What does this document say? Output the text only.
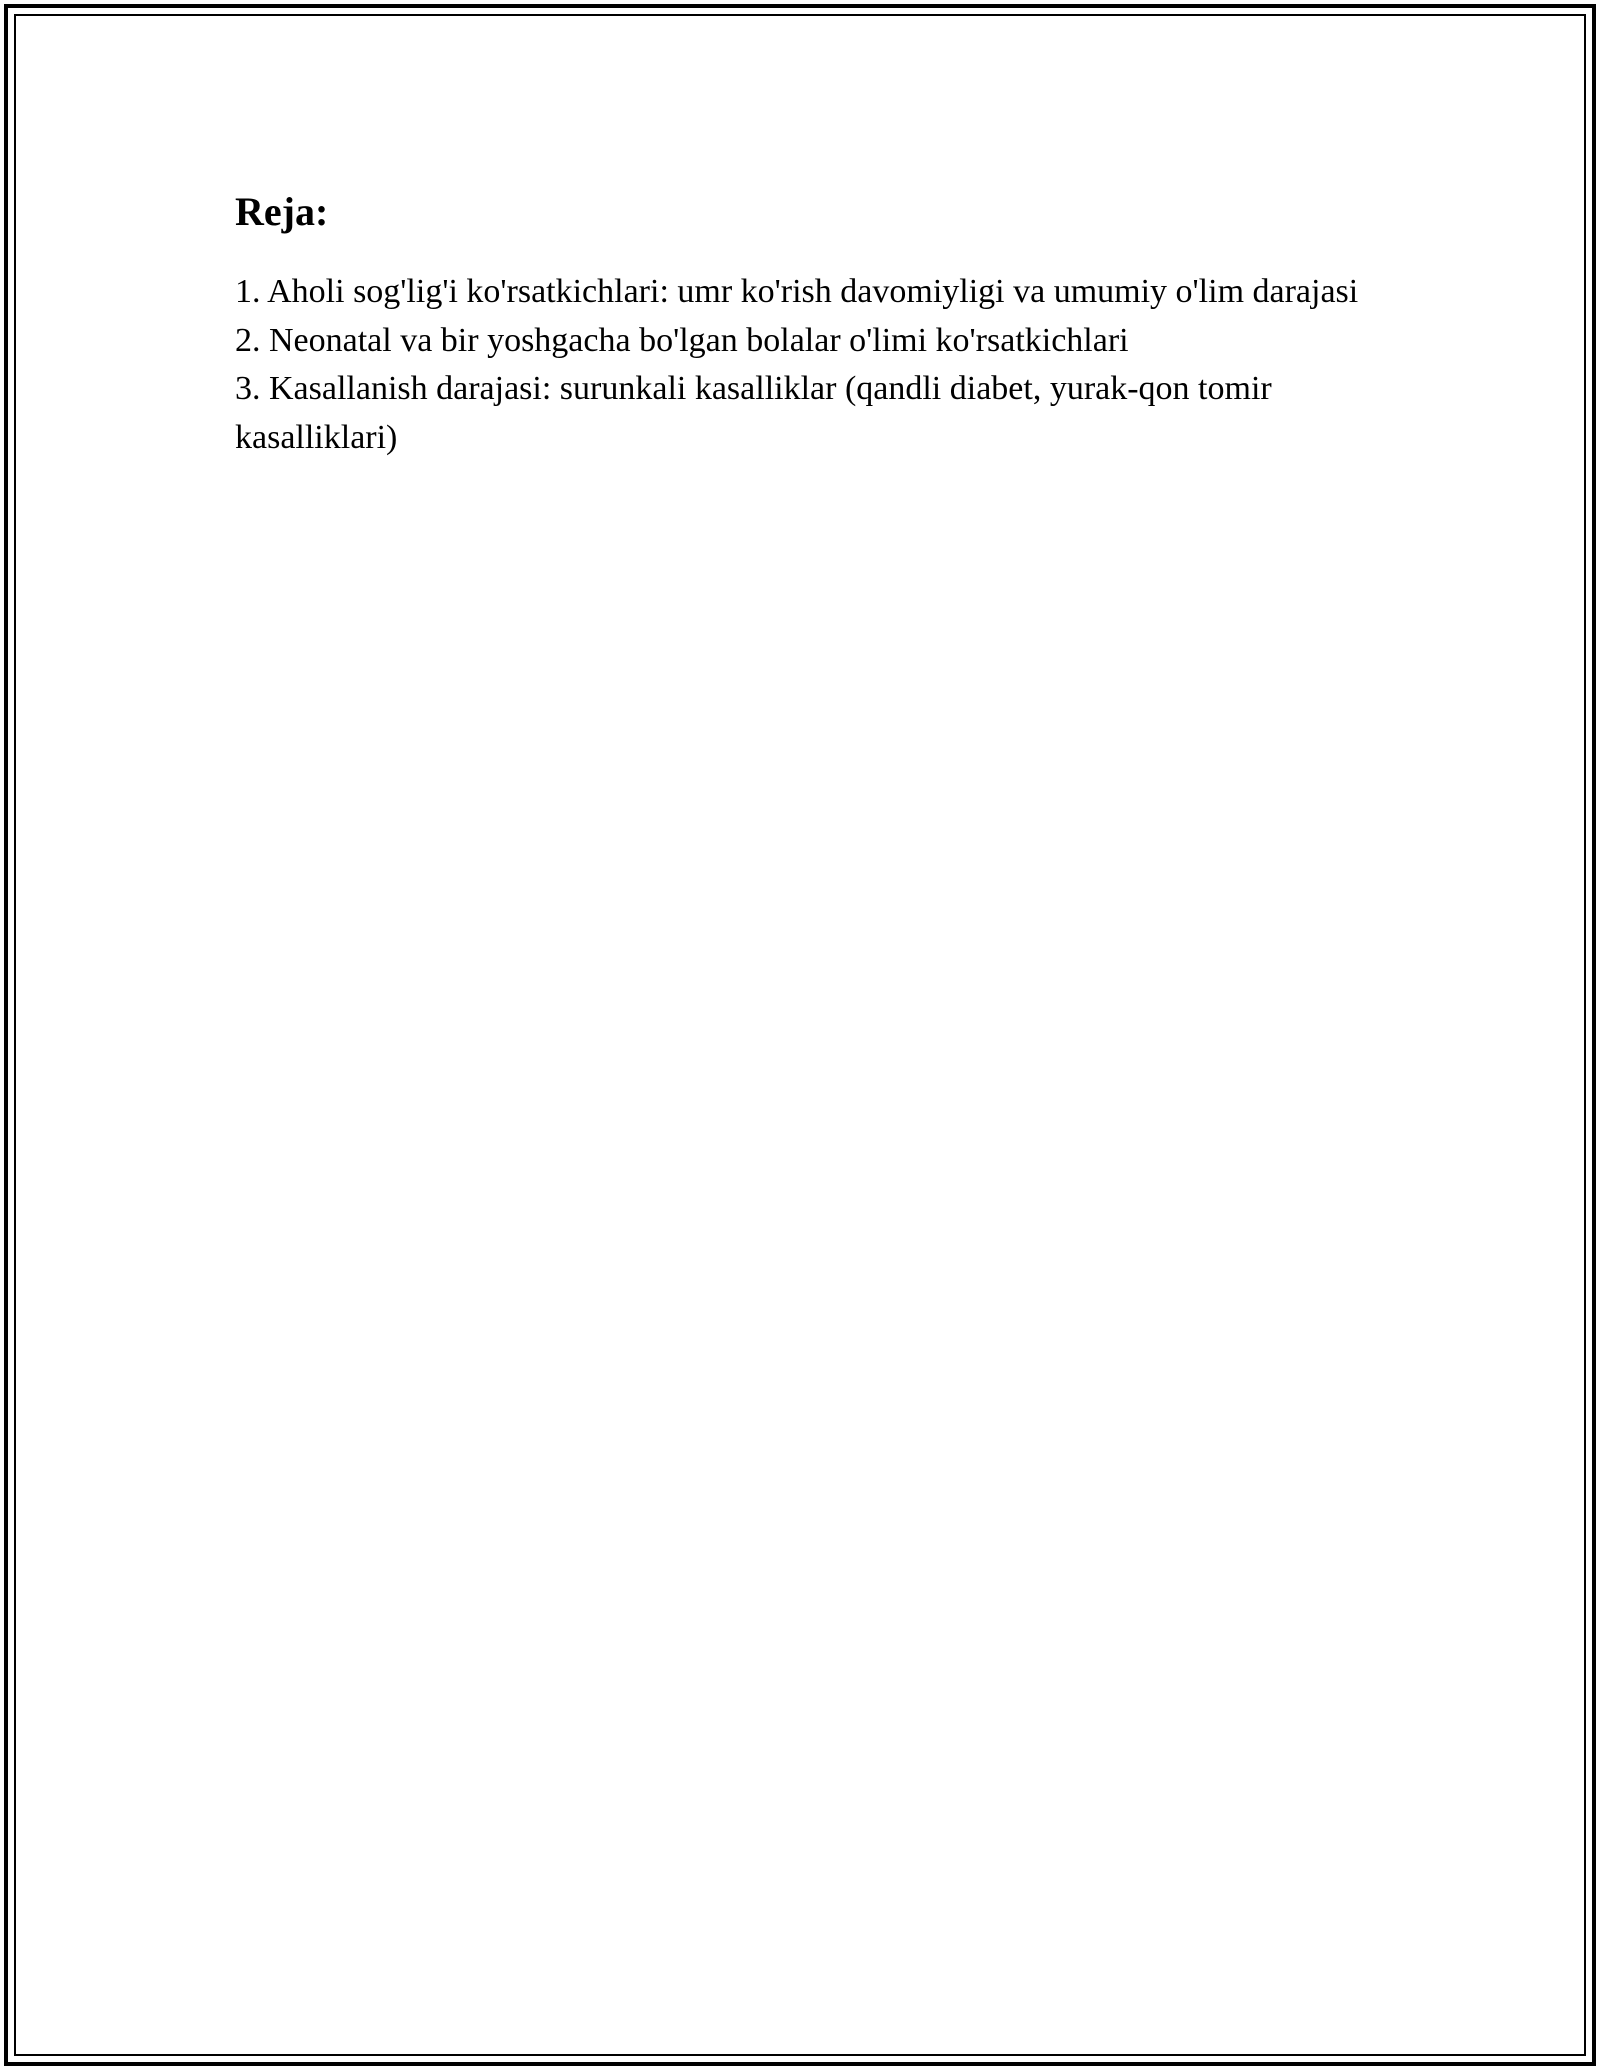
Reja:
1. Aholi sog'lig'i ko'rsatkichlari: umr ko'rish davomiyligi va umumiy o'lim darajasi
2. Neonatal va bir yoshgacha bo'lgan bolalar o'limi ko'rsatkichlari
3. Kasallanish darajasi: surunkali kasalliklar (qandli diabet, yurak-qon tomir kasalliklari)
